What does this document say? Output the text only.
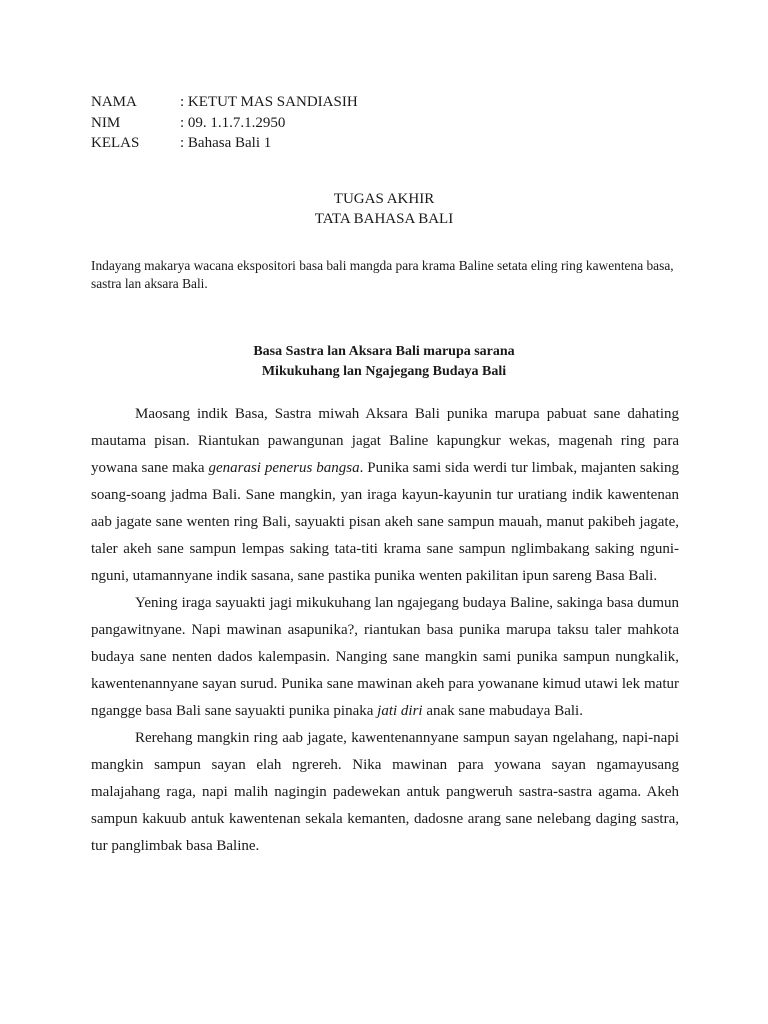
NAMA	: KETUT MAS SANDIASIH
NIM	: 09. 1.1.7.1.2950
KELAS	: Bahasa Bali 1
TUGAS AKHIR
TATA BAHASA BALI
Indayang makarya wacana ekspositori basa bali mangda para krama Baline setata eling ring kawentena basa, sastra lan aksara Bali.
Basa Sastra lan Aksara Bali marupa sarana
Mikukuhang lan Ngajegang Budaya Bali

Maosang indik Basa, Sastra miwah Aksara Bali punika marupa pabuat sane dahating mautama pisan. Riantukan pawangunan jagat Baline kapungkur wekas, magenah ring para yowana sane maka genarasi penerus bangsa. Punika sami sida werdi tur limbak, majanten saking soang-soang jadma Bali. Sane mangkin, yan iraga kayun-kayunin tur uratiang indik kawentenan aab jagate sane wenten ring Bali, sayuakti pisan akeh sane sampun mauah, manut pakibeh jagate, taler akeh sane sampun lempas saking tata-titi krama sane sampun nglimbakang saking nguni-nguni, utamannyane indik sasana, sane pastika punika wenten pakilitan ipun sareng Basa Bali.

Yening iraga sayuakti jagi mikukuhang lan ngajegang budaya Baline, sakinga basa dumun pangawitnyane. Napi mawinan asapunika?, riantukan basa punika marupa taksu taler mahkota budaya sane nenten dados kalempasin. Nanging sane mangkin sami punika sampun nungkalik, kawentenannyane sayan surud. Punika sane mawinan akeh para yowanane kimud utawi lek matur ngangge basa Bali sane sayuakti punika pinaka jati diri anak sane mabudaya Bali.

Rerehang mangkin ring aab jagate, kawentenannyane sampun sayan ngelahang, napi-napi mangkin sampun sayan elah ngrereh. Nika mawinan para yowana sayan ngamayusang malajahang raga, napi malih nagingin padewekan antuk pangweruh sastra-sastra agama. Akeh sampun kakuub antuk kawentenan sekala kemanten, dadosne arang sane nelebang daging sastra, tur panglimbak basa Baline.
